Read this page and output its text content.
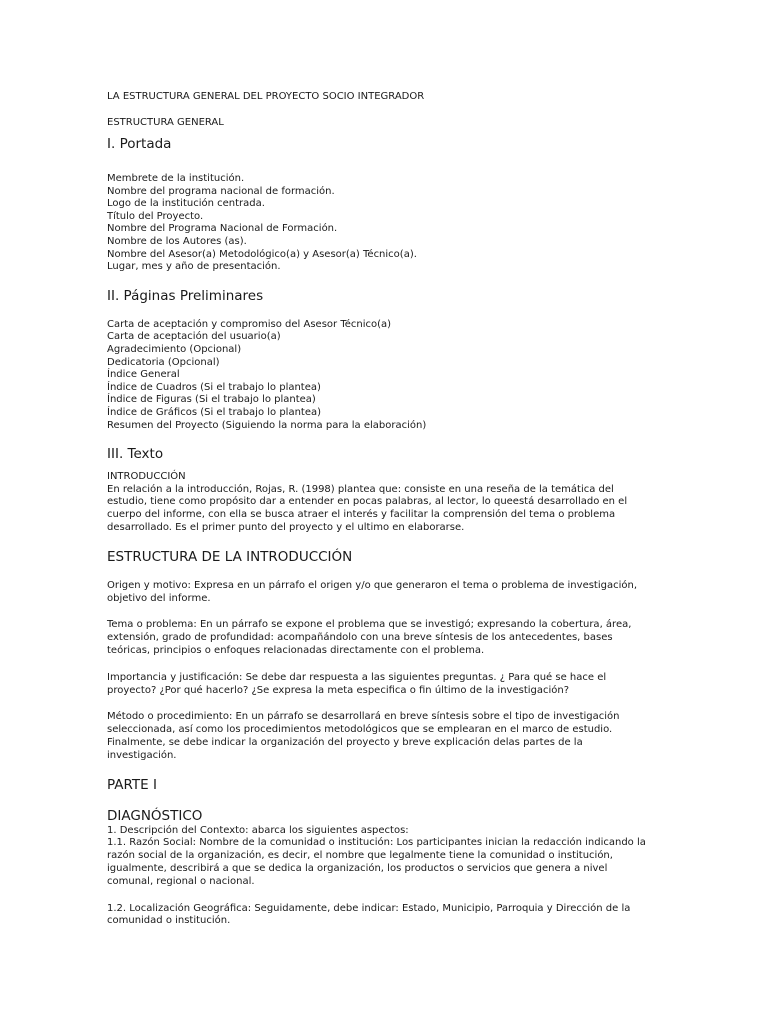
LA ESTRUCTURA GENERAL DEL PROYECTO SOCIO INTEGRADOR

ESTRUCTURA GENERAL

I. Portada
Membrete de la institución.
Nombre del programa nacional de formación.
Logo de la institución centrada.
Título del Proyecto.
Nombre del Programa Nacional de Formación.
Nombre de los Autores (as).
Nombre del Asesor(a) Metodológico(a) y Asesor(a) Técnico(a).
Lugar, mes y año de presentación.
II. Páginas Preliminares
Carta de aceptación y compromiso del Asesor Técnico(a)
Carta de aceptación del usuario(a)
Agradecimiento (Opcional)
Dedicatoria (Opcional)
Índice General
Índice de Cuadros (Si el trabajo lo plantea)
Índice de Figuras (Si el trabajo lo plantea)
Índice de Gráficos (Si el trabajo lo plantea)
Resumen del Proyecto (Siguiendo la norma para la elaboración)
III. Texto

INTRODUCCIÓN

En relación a la introducción, Rojas, R. (1998) plantea que: consiste en una reseña de la temática del estudio, tiene como propósito dar a entender en pocas palabras, al lector, lo queestá desarrollado en el cuerpo del informe, con ella se busca atraer el interés y facilitar la comprensión del tema o problema desarrollado. Es el primer punto del proyecto y el ultimo en elaborarse.

ESTRUCTURA DE LA INTRODUCCIÓN

Origen y motivo: Expresa en un párrafo el origen y/o que generaron el tema o problema de investigación, objetivo del informe.

Tema o problema: En un párrafo se expone el problema que se investigó; expresando la cobertura, área, extensión, grado de profundidad: acompañándolo con una breve síntesis de los antecedentes, bases teóricas, principios o enfoques relacionadas directamente con el problema.

Importancia y justificación: Se debe dar respuesta a las siguientes preguntas. ¿ Para qué se hace el proyecto? ¿Por qué hacerlo? ¿Se expresa la meta especifica o fin último de la investigación?

Método o procedimiento: En un párrafo se desarrollará en breve síntesis sobre el tipo de investigación seleccionada, así como los procedimientos metodológicos que se emplearan en el marco de estudio. Finalmente, se debe indicar la organización del proyecto y breve explicación delas partes de la investigación.

PARTE I
DIAGNÓSTICO

1. Descripción del Contexto: abarca los siguientes aspectos:

1.1. Razón Social: Nombre de la comunidad o institución: Los participantes inician la redacción indicando la razón social de la organización, es decir, el nombre que legalmente tiene la comunidad o institución, igualmente, describirá a que se dedica la organización, los productos o servicios que genera a nivel comunal, regional o nacional.

1.2. Localización Geográfica: Seguidamente, debe indicar: Estado, Municipio, Parroquia y Dirección de la comunidad o institución.
